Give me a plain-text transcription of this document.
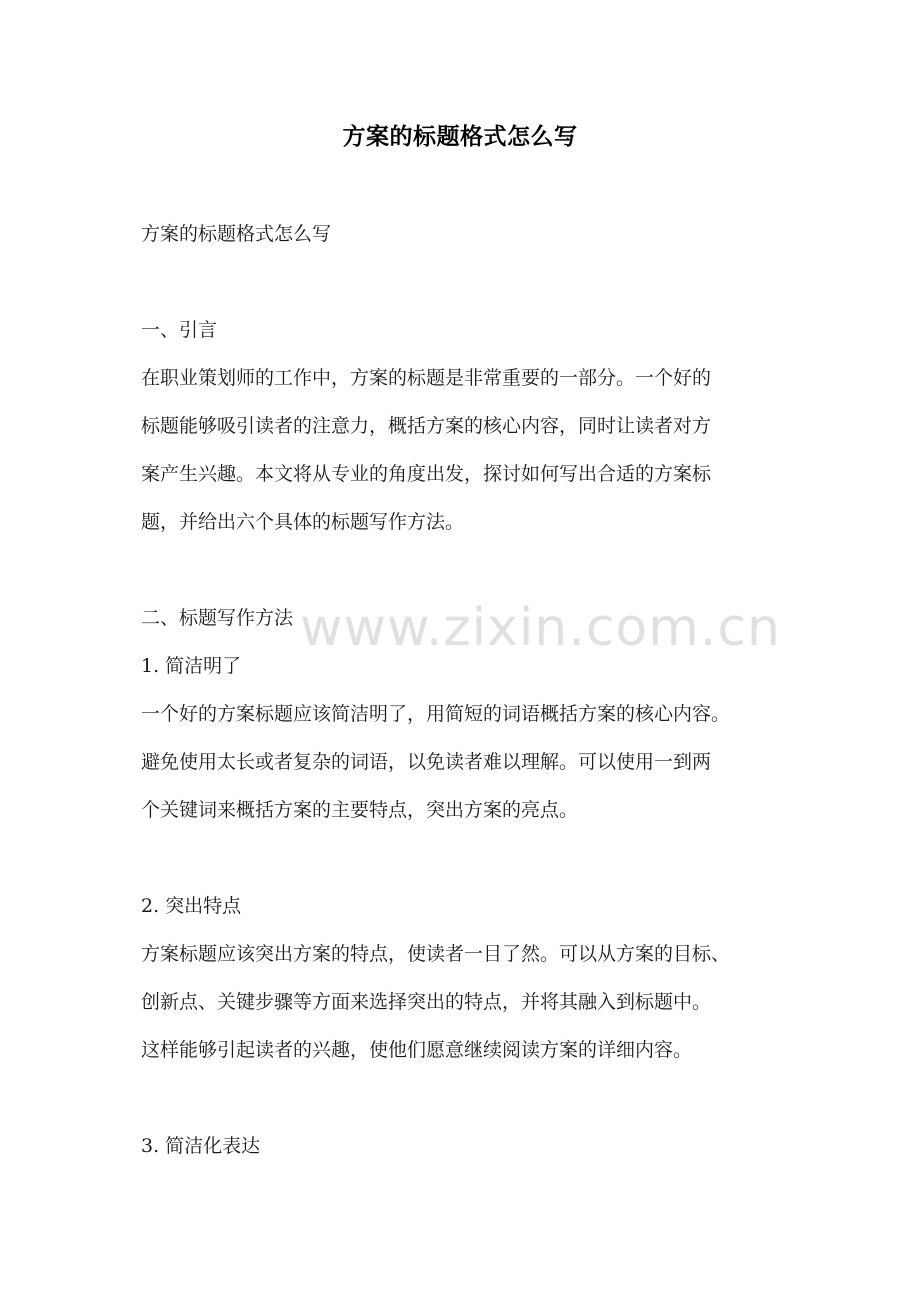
方案的标题格式怎么写
方案的标题格式怎么写
一、引言
在职业策划师的工作中，方案的标题是非常重要的一部分。一个好的
标题能够吸引读者的注意力，概括方案的核心内容，同时让读者对方
案产生兴趣。本文将从专业的角度出发，探讨如何写出合适的方案标
题，并给出六个具体的标题写作方法。
二、标题写作方法
1. 简洁明了
一个好的方案标题应该简洁明了，用简短的词语概括方案的核心内容。
避免使用太长或者复杂的词语，以免读者难以理解。可以使用一到两
个关键词来概括方案的主要特点，突出方案的亮点。
2. 突出特点
方案标题应该突出方案的特点，使读者一目了然。可以从方案的目标、
创新点、关键步骤等方面来选择突出的特点，并将其融入到标题中。
这样能够引起读者的兴趣，使他们愿意继续阅读方案的详细内容。
3. 简洁化表达
www.zixin.com.cn
